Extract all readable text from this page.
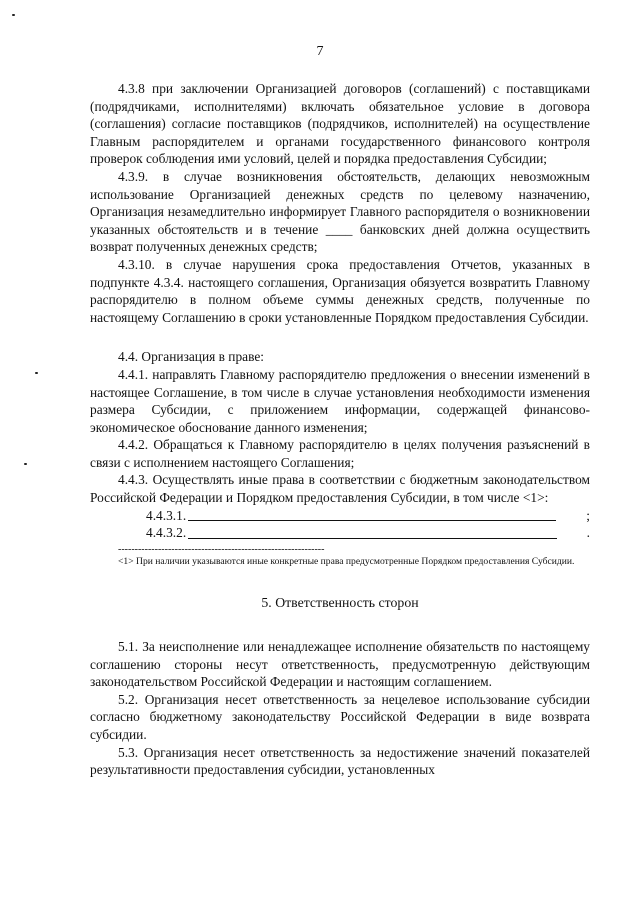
7

4.3.8 при заключении Организацией договоров (соглашений) с поставщиками (подрядчиками, исполнителями) включать обязательное условие в договора (соглашения) согласие поставщиков (подрядчиков, исполнителей) на осуществление Главным распорядителем и органами государственного финансового контроля проверок соблюдения ими условий, целей и порядка предоставления Субсидии;

4.3.9. в случае возникновения обстоятельств, делающих невозможным использование Организацией денежных средств по целевому назначению, Организация незамедлительно информирует Главного распорядителя о возникновении указанных обстоятельств и в течение ____ банковских дней должна осуществить возврат полученных денежных средств;

4.3.10. в случае нарушения срока предоставления Отчетов, указанных в подпункте 4.3.4. настоящего соглашения, Организация обязуется возвратить Главному распорядителю в полном объеме суммы денежных средств, полученные по настоящему Соглашению в сроки установленные Порядком предоставления Субсидии.

4.4. Организация в праве:

4.4.1. направлять Главному распорядителю предложения о внесении изменений в настоящее Соглашение, в том числе в случае установления необходимости изменения размера Субсидии, с приложением информации, содержащей финансово-экономическое обоснование данного изменения;

4.4.2. Обращаться к Главному распорядителю в целях получения разъяснений в связи с исполнением настоящего Соглашения;

4.4.3. Осуществлять иные права в соответствии с бюджетным законодательством Российской Федерации и Порядком предоставления Субсидии, в том числе <1>:

4.4.3.1.	;

4.4.3.2.	.

--------------------------------------------------------------

<1> При наличии указываются иные конкретные права предусмотренные Порядком предоставления Субсидии.

5. Ответственность сторон

5.1. За неисполнение или ненадлежащее исполнение обязательств по настоящему соглашению стороны несут ответственность, предусмотренную действующим законодательством Российской Федерации и настоящим соглашением.

5.2. Организация несет ответственность за нецелевое использование субсидии согласно бюджетному законодательству Российской Федерации в виде возврата субсидии.

5.3. Организация несет ответственность за недостижение значений показателей результативности предоставления субсидии, установленных
